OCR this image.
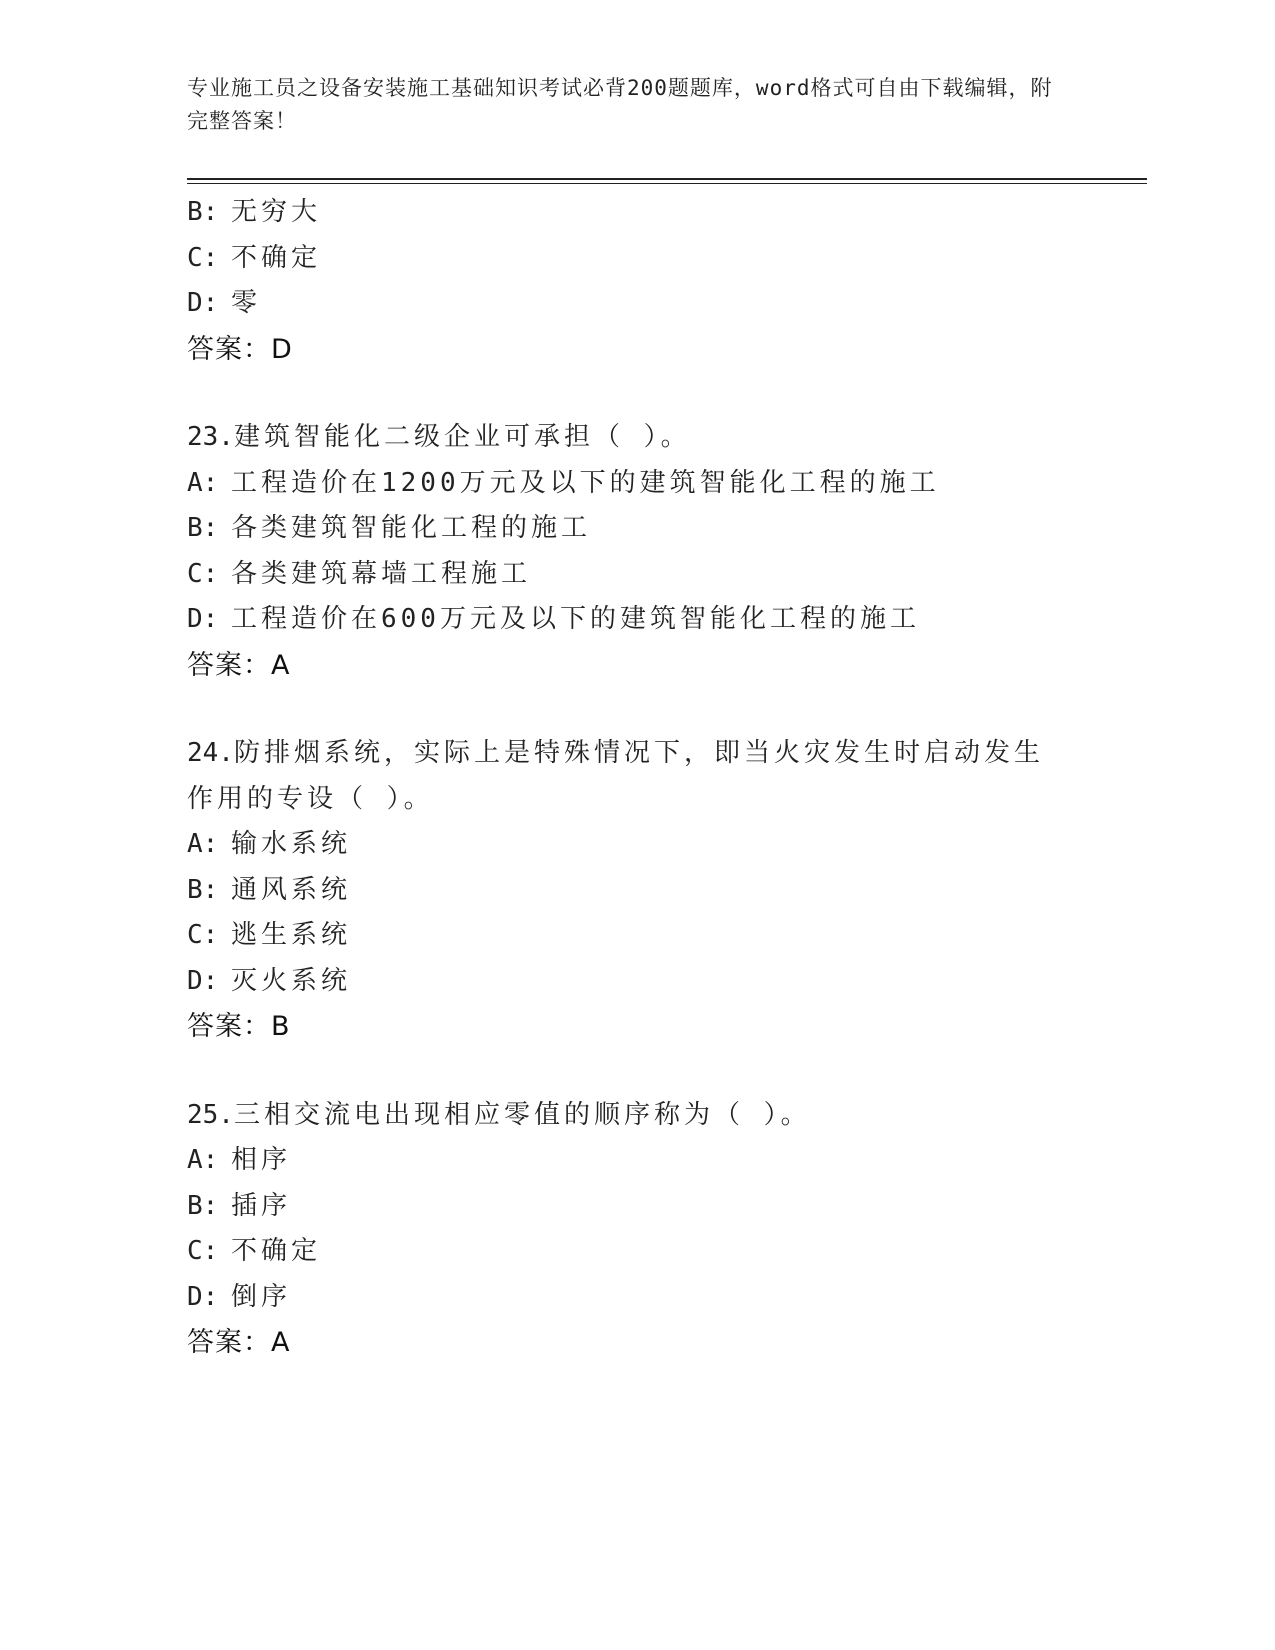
专业施工员之设备安装施工基础知识考试必背200题题库，word格式可自由下载编辑，附完整答案！
B: 无穷大
C: 不确定
D: 零
答案：D
23.建筑智能化二级企业可承担（ ）。
A: 工程造价在1200万元及以下的建筑智能化工程的施工
B: 各类建筑智能化工程的施工
C: 各类建筑幕墙工程施工
D: 工程造价在600万元及以下的建筑智能化工程的施工
答案：A
24.防排烟系统，实际上是特殊情况下，即当火灾发生时启动发生作用的专设（ ）。
A: 输水系统
B: 通风系统
C: 逃生系统
D: 灭火系统
答案：B
25.三相交流电出现相应零值的顺序称为（ ）。
A: 相序
B: 插序
C: 不确定
D: 倒序
答案：A
